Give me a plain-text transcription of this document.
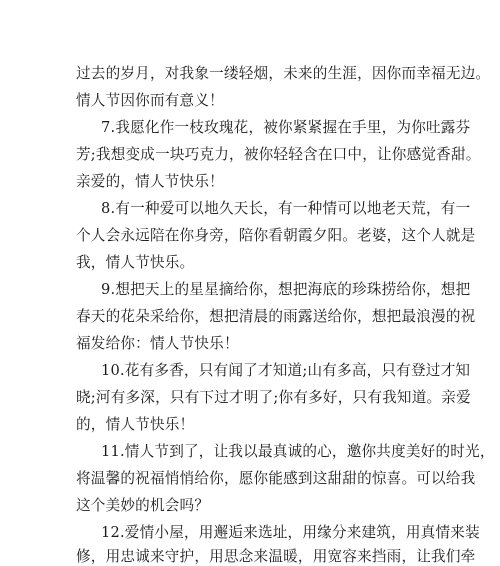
过去的岁月，对我象一缕轻烟，未来的生涯，因你而幸福无边。
情人节因你而有意义！
7.我愿化作一枝玫瑰花，被你紧紧握在手里，为你吐露芬
芳;我想变成一块巧克力，被你轻轻含在口中，让你感觉香甜。
亲爱的，情人节快乐！
8.有一种爱可以地久天长，有一种情可以地老天荒，有一
个人会永远陪在你身旁，陪你看朝霞夕阳。老婆，这个人就是
我，情人节快乐。
9.想把天上的星星摘给你，想把海底的珍珠捞给你，想把
春天的花朵采给你，想把清晨的雨露送给你，想把最浪漫的祝
福发给你：情人节快乐！
10.花有多香，只有闻了才知道;山有多高，只有登过才知
晓;河有多深，只有下过才明了;你有多好，只有我知道。亲爱
的，情人节快乐！
11.情人节到了，让我以最真诚的心，邀你共度美好的时光，
将温馨的祝福悄悄给你，愿你能感到这甜甜的惊喜。可以给我
这个美妙的机会吗？
12.爱情小屋，用邂逅来选址，用缘分来建筑，用真情来装
修，用忠诚来守护，用思念来温暖，用宽容来挡雨，让我们牵
